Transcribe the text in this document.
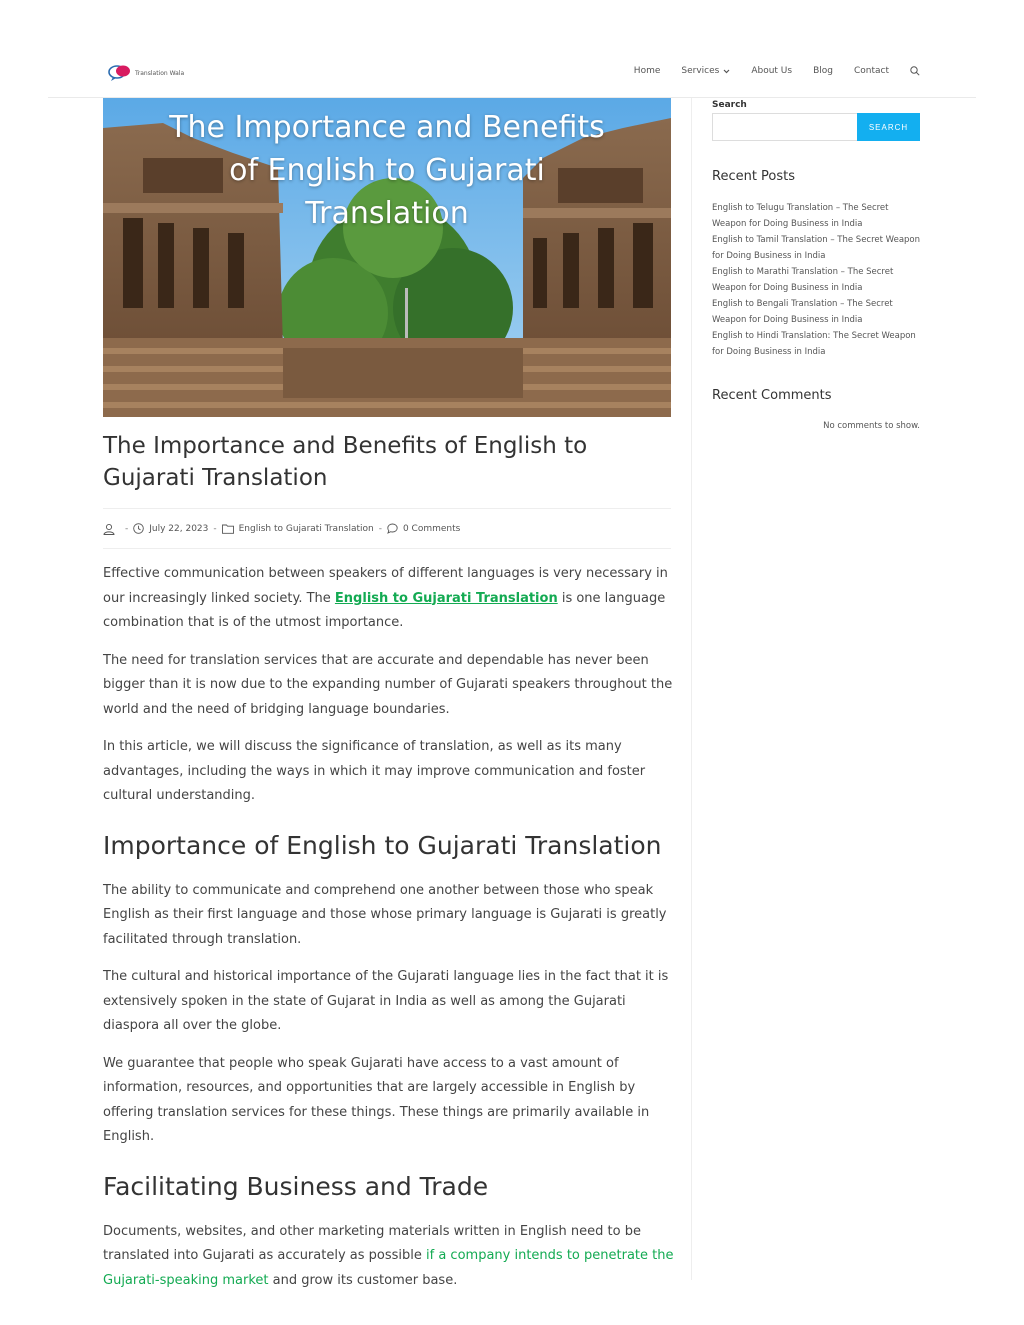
Translation Wala	Home Services	About Us Blog Contact
The Importance and Benefits of English to Gujarati Translation
The Importance and Benefits of English to Gujarati Translation
- July 22, 2023 - English to Gujarati Translation - 0 Comments

Effective communication between speakers of different languages is very necessary in our increasingly linked society. The English to Gujarati Translation is one language combination that is of the utmost importance.

The need for translation services that are accurate and dependable has never been bigger than it is now due to the expanding number of Gujarati speakers throughout the world and the need of bridging language boundaries.

In this article, we will discuss the significance of translation, as well as its many advantages, including the ways in which it may improve communication and foster cultural understanding.

Importance of English to Gujarati Translation

The ability to communicate and comprehend one another between those who speak English as their first language and those whose primary language is Gujarati is greatly facilitated through translation.

The cultural and historical importance of the Gujarati language lies in the fact that it is extensively spoken in the state of Gujarat in India as well as among the Gujarati diaspora all over the globe.

We guarantee that people who speak Gujarati have access to a vast amount of information, resources, and opportunities that are largely accessible in English by offering translation services for these things. These things are primarily available in English.

Facilitating Business and Trade

Documents, websites, and other marketing materials written in English need to be translated into Gujarati as accurately as possible if a company intends to penetrate the Gujarati-speaking market and grow its customer base.

Search
SEARCH
Recent Posts
English to Telugu Translation – The Secret Weapon for Doing Business in India
English to Tamil Translation – The Secret Weapon for Doing Business in India
English to Marathi Translation – The Secret Weapon for Doing Business in India
English to Bengali Translation – The Secret Weapon for Doing Business in India
English to Hindi Translation: The Secret Weapon for Doing Business in India
Recent Comments
No comments to show.
